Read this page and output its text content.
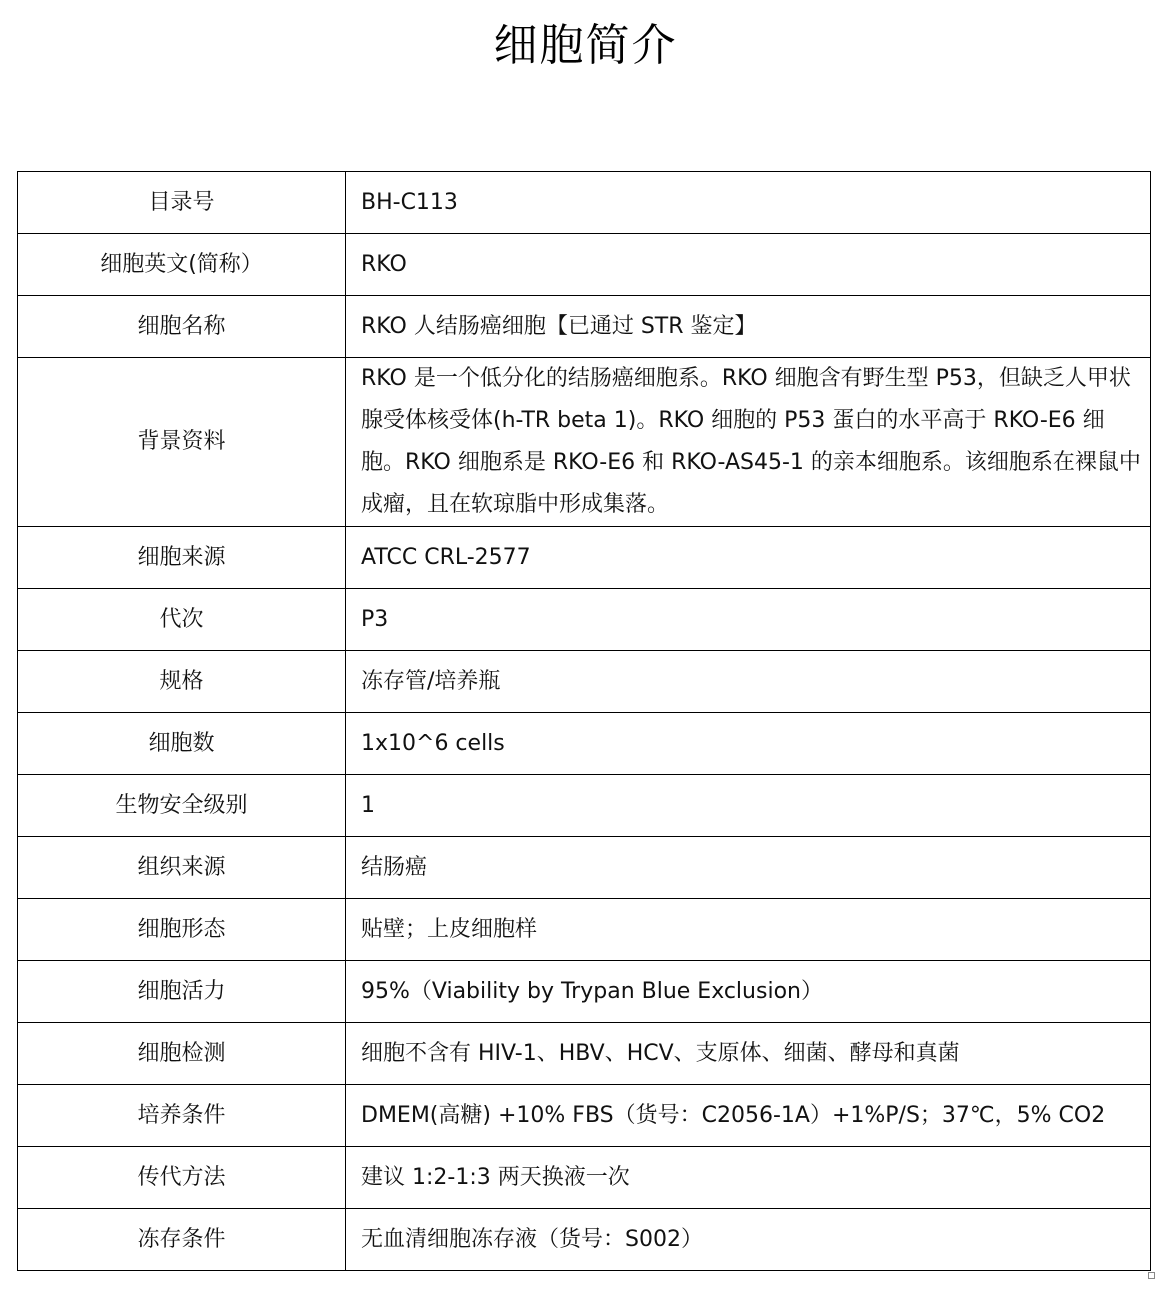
细胞简介
目录号	BH-C113
细胞英文(简称）	RKO
细胞名称	RKO 人结肠癌细胞【已通过 STR 鉴定】
背景资料	RKO 是一个低分化的结肠癌细胞系。RKO 细胞含有野生型 P53，但缺乏人甲状腺受体核受体(h-TR beta 1)。RKO 细胞的 P53 蛋白的水平高于 RKO-E6 细胞。RKO 细胞系是 RKO-E6 和 RKO-AS45-1 的亲本细胞系。该细胞系在裸鼠中成瘤，且在软琼脂中形成集落。
细胞来源	ATCC CRL-2577
代次	P3
规格	冻存管/培养瓶
细胞数	1x10^6 cells
生物安全级别	1
组织来源	结肠癌
细胞形态	贴壁；上皮细胞样
细胞活力	95%（Viability by Trypan Blue Exclusion）
细胞检测	细胞不含有 HIV-1、HBV、HCV、支原体、细菌、酵母和真菌
培养条件	DMEM(高糖) +10% FBS（货号：C2056-1A）+1%P/S；37℃，5% CO2
传代方法	建议 1:2-1:3 两天换液一次
冻存条件	无血清细胞冻存液（货号：S002）
